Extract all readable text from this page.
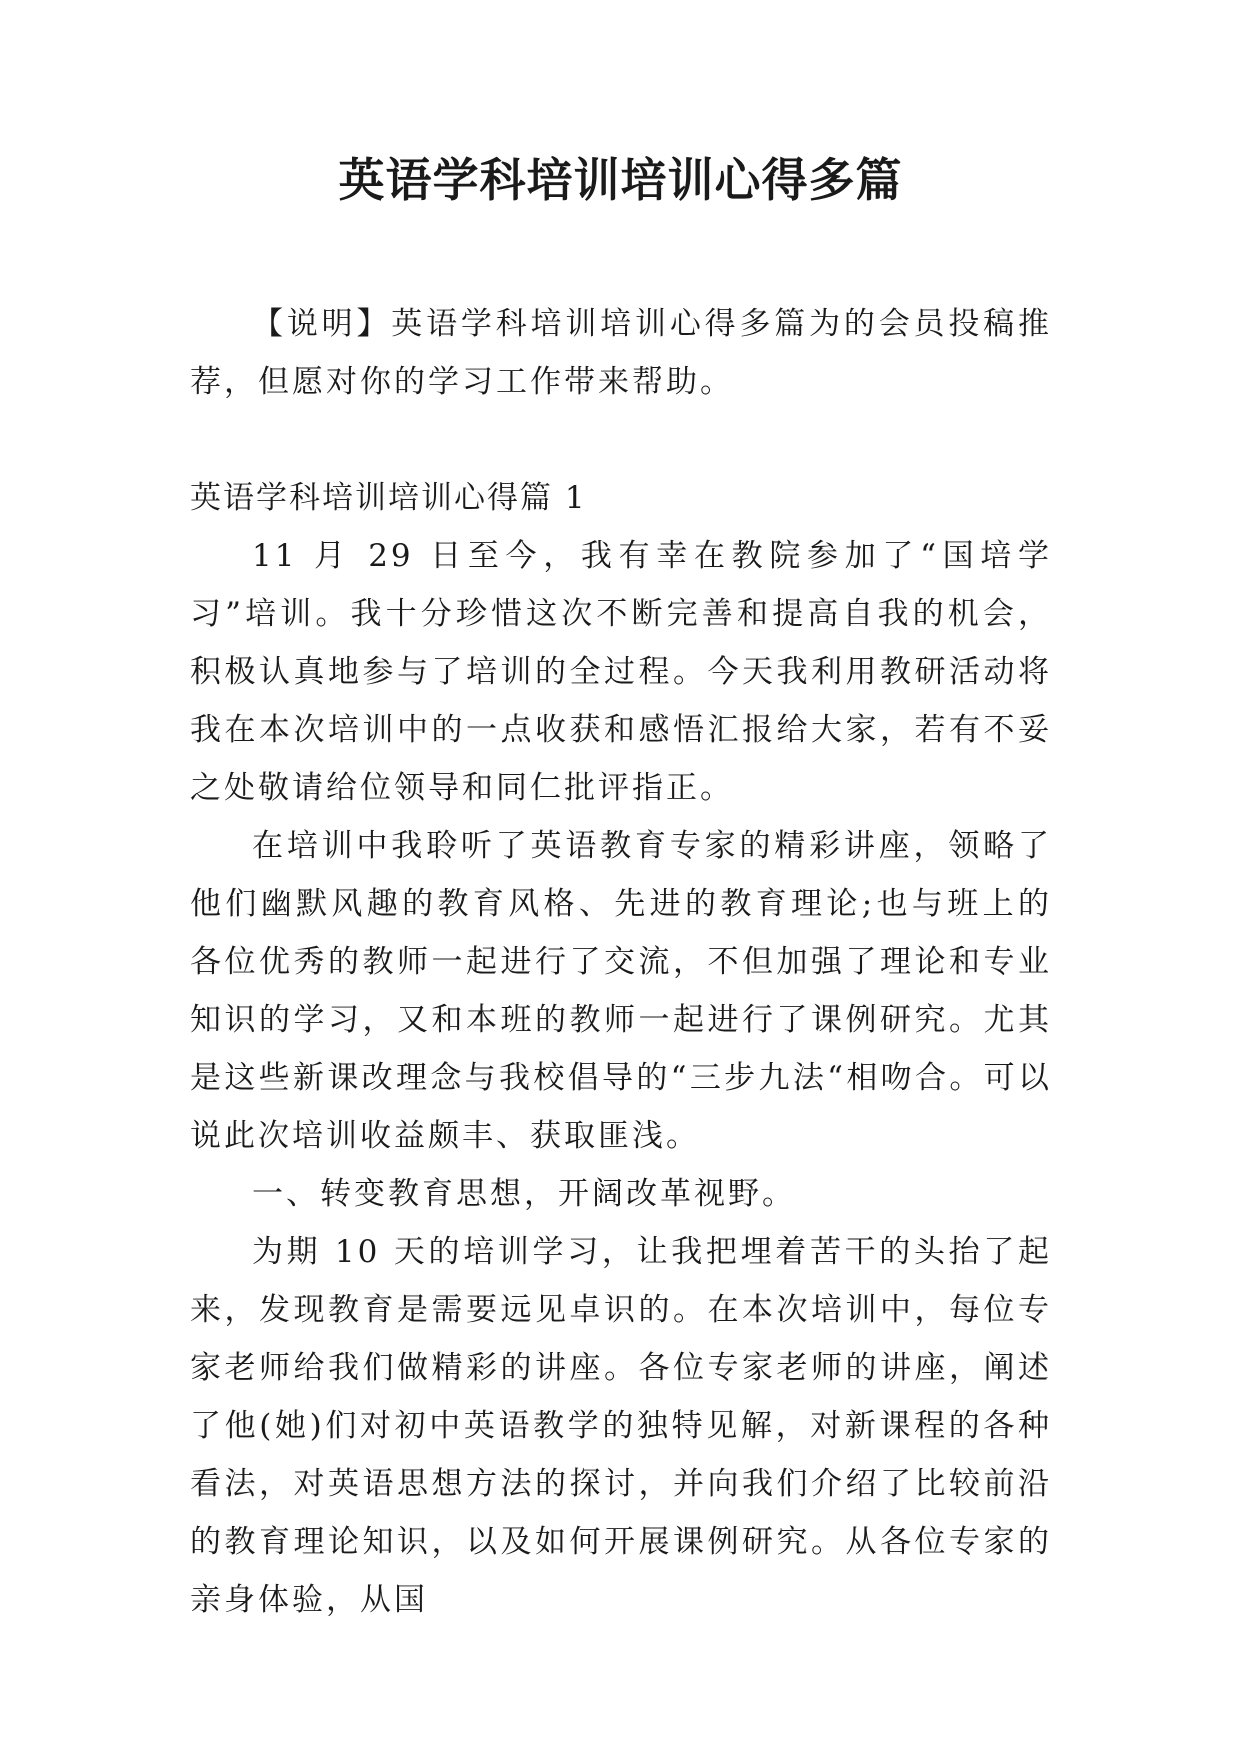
英语学科培训培训心得多篇

【说明】英语学科培训培训心得多篇为的会员投稿推荐，但愿对你的学习工作带来帮助。

英语学科培训培训心得篇 1

11 月 29 日至今，我有幸在教院参加了“国培学习”培训。我十分珍惜这次不断完善和提高自我的机会，积极认真地参与了培训的全过程。今天我利用教研活动将我在本次培训中的一点收获和感悟汇报给大家，若有不妥之处敬请给位领导和同仁批评指正。

在培训中我聆听了英语教育专家的精彩讲座，领略了他们幽默风趣的教育风格、先进的教育理论;也与班上的各位优秀的教师一起进行了交流，不但加强了理论和专业知识的学习，又和本班的教师一起进行了课例研究。尤其是这些新课改理念与我校倡导的“三步九法“相吻合。可以说此次培训收益颇丰、获取匪浅。

一、转变教育思想，开阔改革视野。

为期 10 天的培训学习，让我把埋着苦干的头抬了起来，发现教育是需要远见卓识的。在本次培训中，每位专家老师给我们做精彩的讲座。各位专家老师的讲座，阐述了他(她)们对初中英语教学的独特见解，对新课程的各种看法，对英语思想方法的探讨，并向我们介绍了比较前沿的教育理论知识，以及如何开展课例研究。从各位专家的亲身体验，从国
